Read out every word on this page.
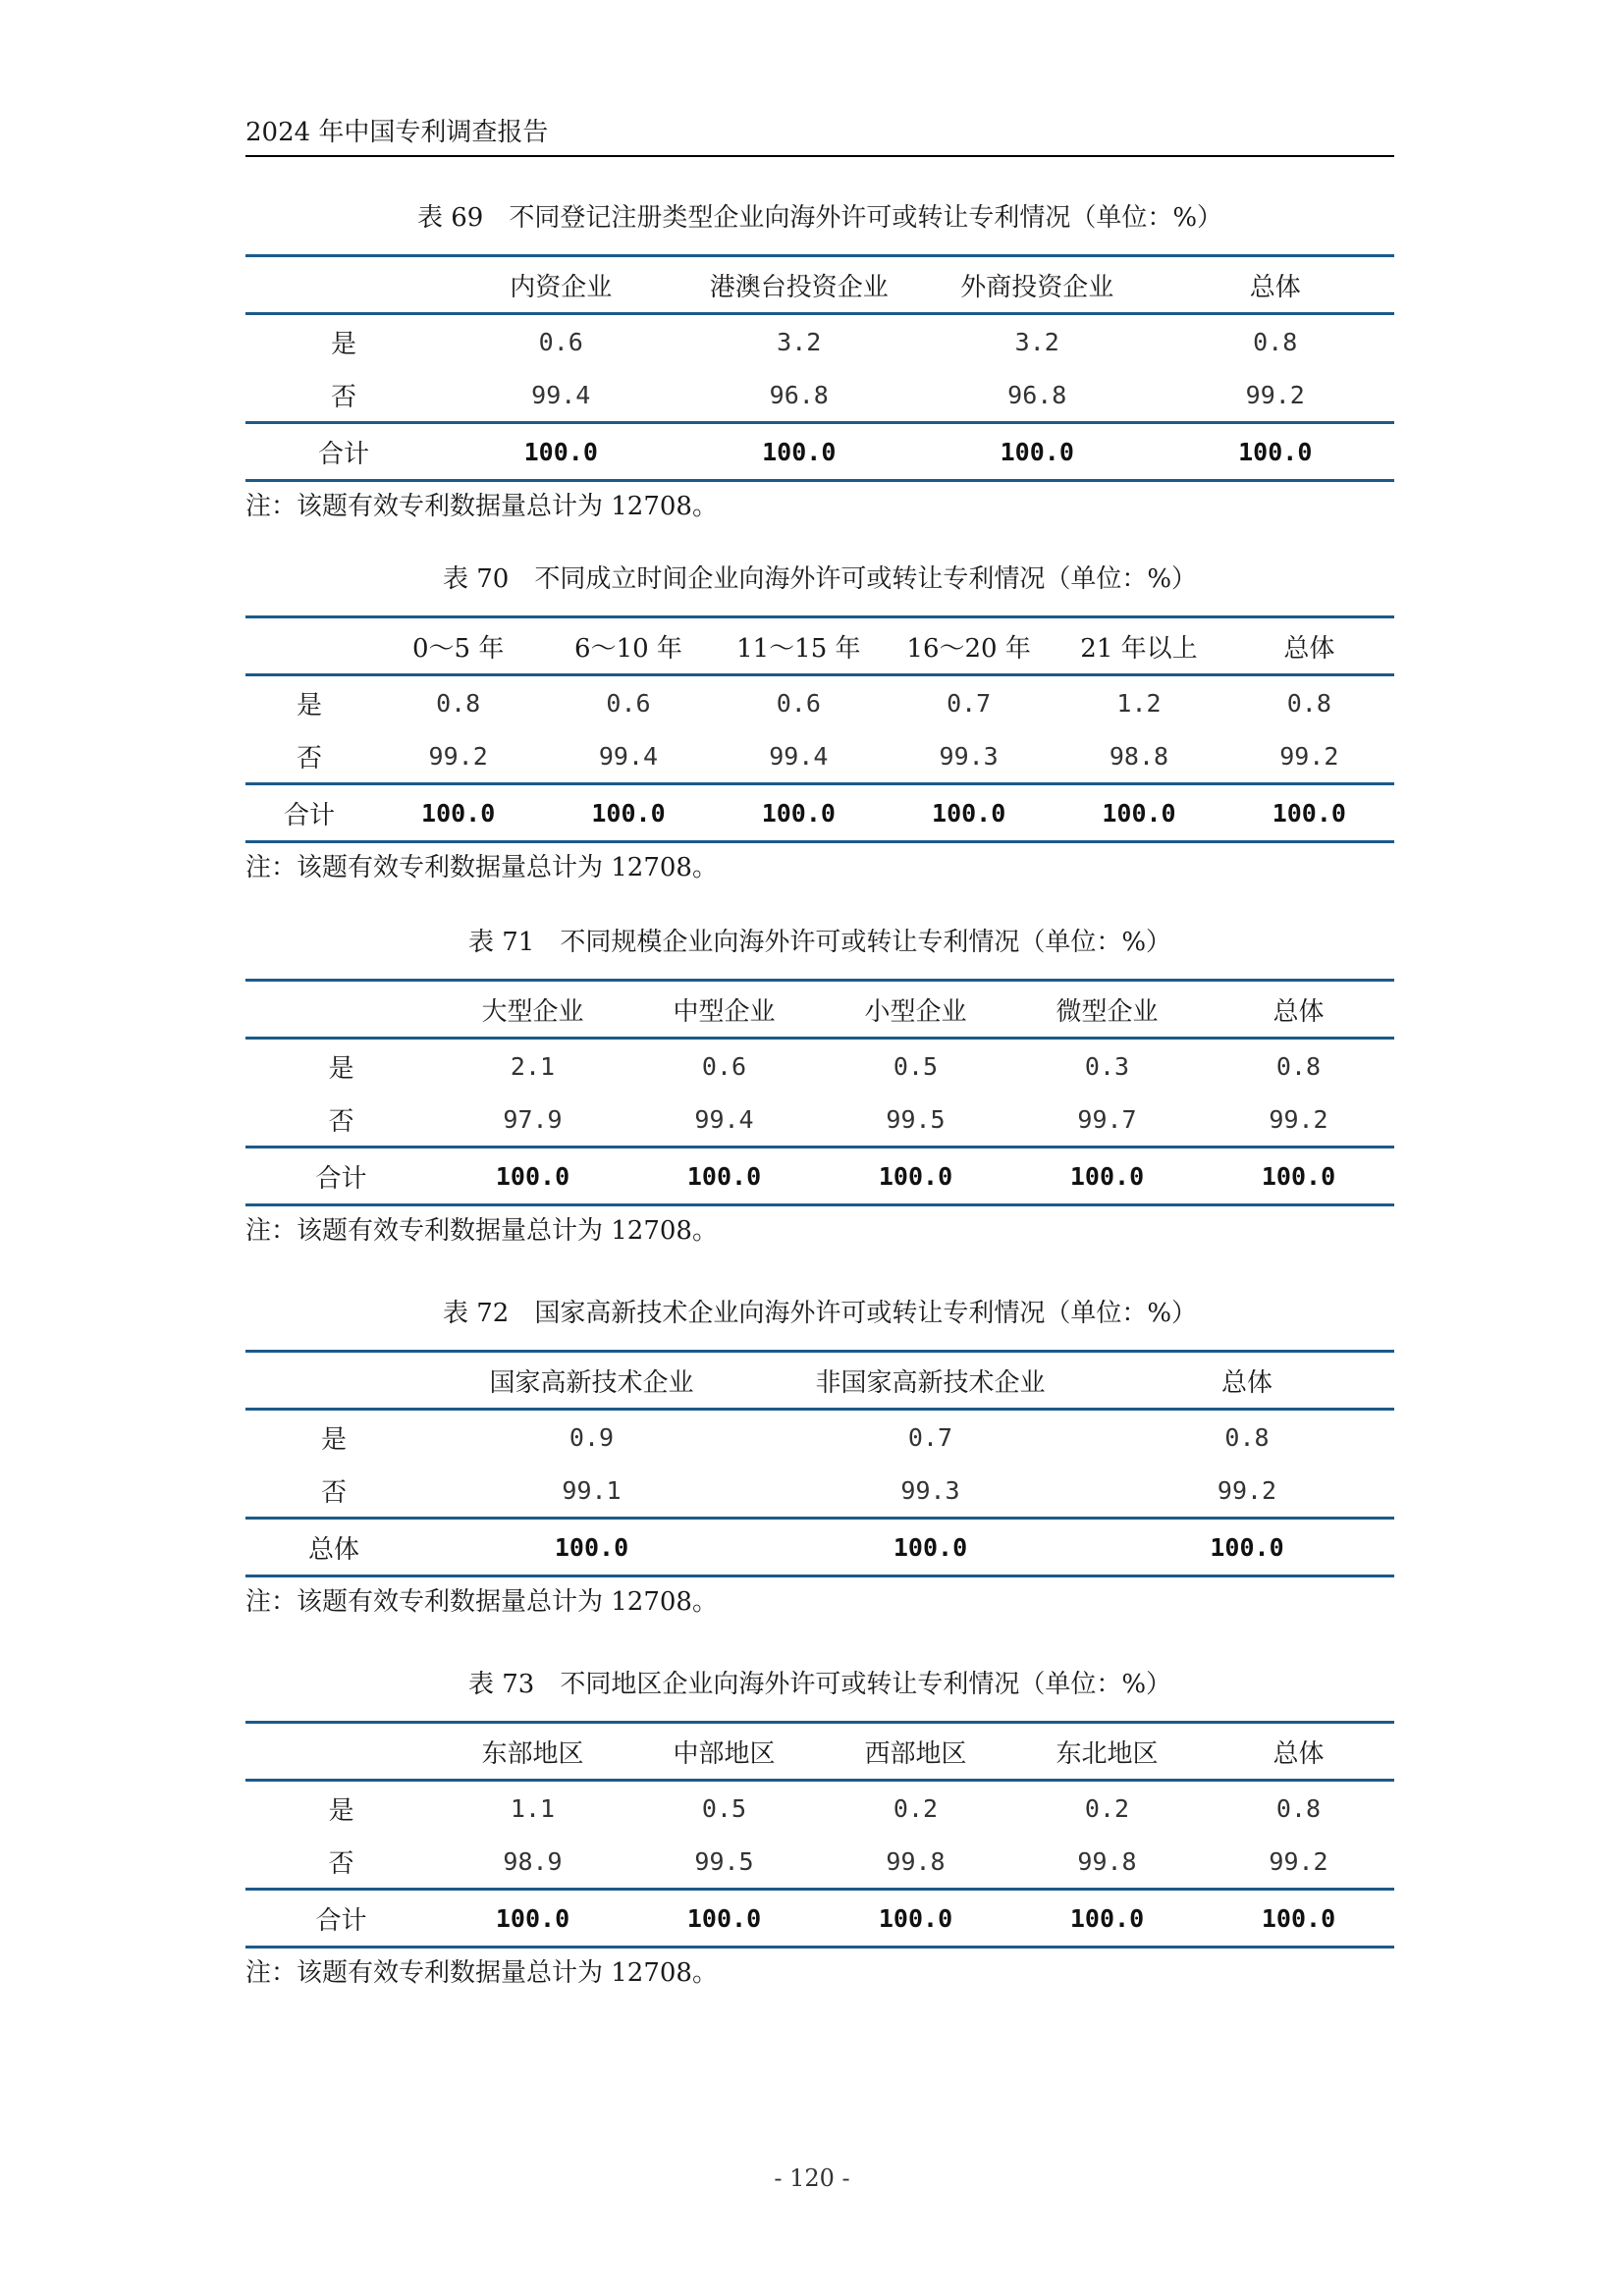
2024 年中国专利调查报告
表 69　不同登记注册类型企业向海外许可或转让专利情况（单位：%）
	内资企业	港澳台投资企业	外商投资企业	总体
是	0.6	3.2	3.2	0.8
否	99.4	96.8	96.8	99.2
合计	100.0	100.0	100.0	100.0
注：该题有效专利数据量总计为 12708。
表 70　不同成立时间企业向海外许可或转让专利情况（单位：%）
	0～5 年	6～10 年	11～15 年	16～20 年	21 年以上	总体
是	0.8	0.6	0.6	0.7	1.2	0.8
否	99.2	99.4	99.4	99.3	98.8	99.2
合计	100.0	100.0	100.0	100.0	100.0	100.0
注：该题有效专利数据量总计为 12708。
表 71　不同规模企业向海外许可或转让专利情况（单位：%）
	大型企业	中型企业	小型企业	微型企业	总体
是	2.1	0.6	0.5	0.3	0.8
否	97.9	99.4	99.5	99.7	99.2
合计	100.0	100.0	100.0	100.0	100.0
注：该题有效专利数据量总计为 12708。
表 72　国家高新技术企业向海外许可或转让专利情况（单位：%）
	国家高新技术企业	非国家高新技术企业	总体
是	0.9	0.7	0.8
否	99.1	99.3	99.2
总体	100.0	100.0	100.0
注：该题有效专利数据量总计为 12708。
表 73　不同地区企业向海外许可或转让专利情况（单位：%）
	东部地区	中部地区	西部地区	东北地区	总体
是	1.1	0.5	0.2	0.2	0.8
否	98.9	99.5	99.8	99.8	99.2
合计	100.0	100.0	100.0	100.0	100.0
注：该题有效专利数据量总计为 12708。
- 120 -
